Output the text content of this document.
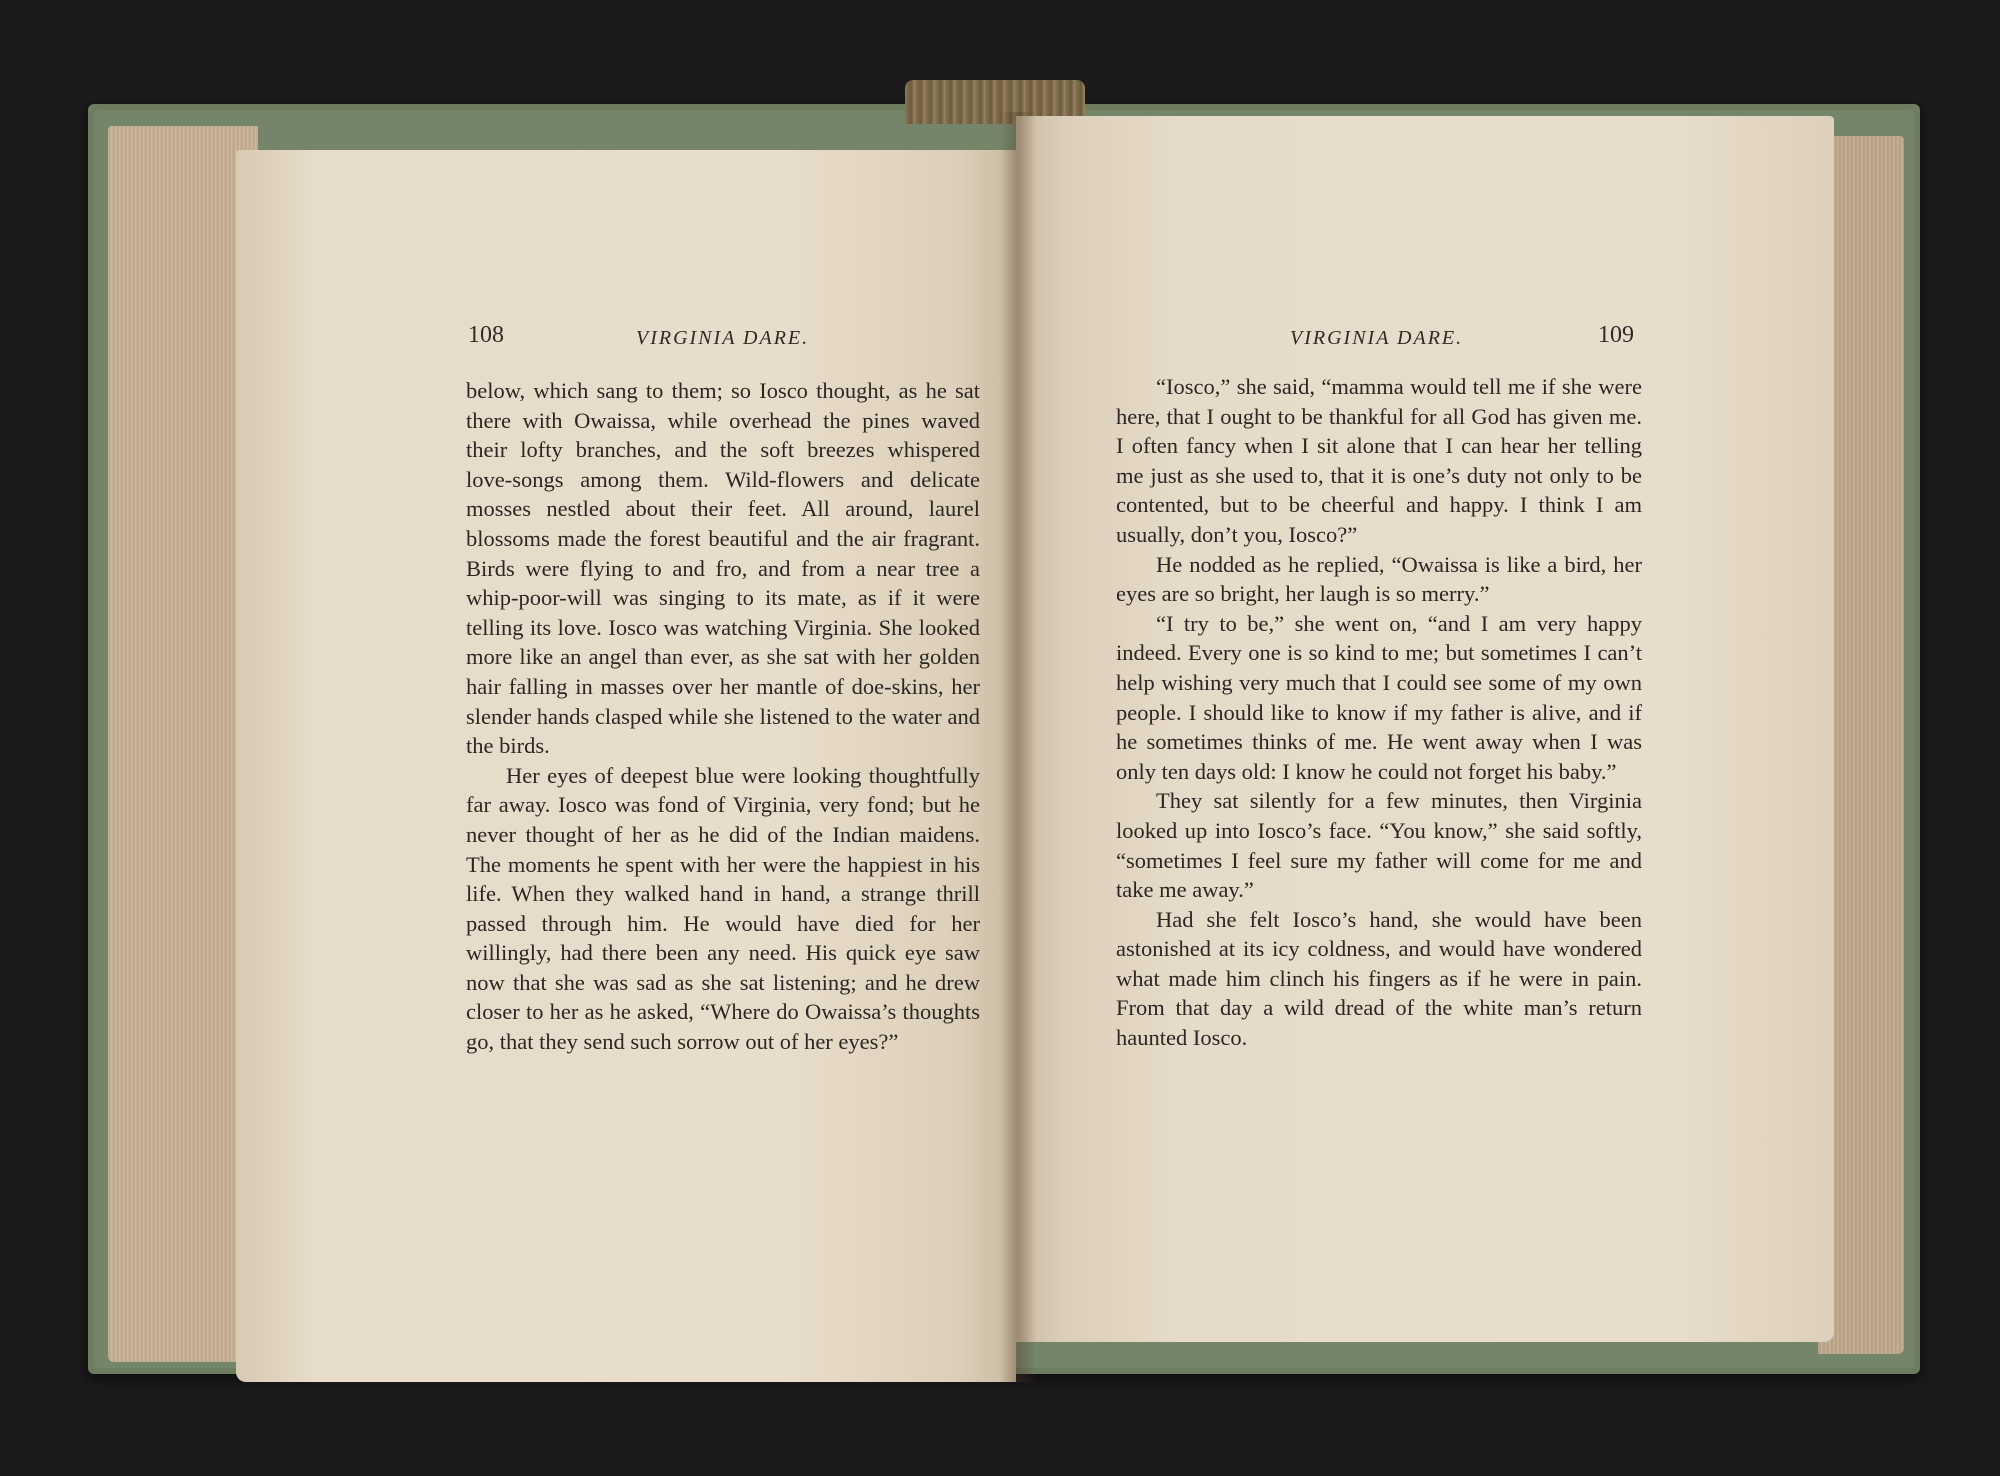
108	VIRGINIA DARE.	VIRGINIA DARE.	109

below, which sang to them; so Iosco thought, as he sat there with Owaissa, while overhead the pines waved their lofty branches, and the soft breezes whispered love-songs among them. Wild-flowers and delicate mosses nestled about their feet. All around, laurel blossoms made the forest beautiful and the air fragrant. Birds were flying to and fro, and from a near tree a whip-poor-will was singing to its mate, as if it were telling its love. Iosco was watching Virginia. She looked more like an angel than ever, as she sat with her golden hair falling in masses over her mantle of doe-skins, her slender hands clasped while she listened to the water and the birds.

Her eyes of deepest blue were looking thoughtfully far away. Iosco was fond of Virginia, very fond; but he never thought of her as he did of the Indian maidens. The moments he spent with her were the happiest in his life. When they walked hand in hand, a strange thrill passed through him. He would have died for her willingly, had there been any need. His quick eye saw now that she was sad as she sat listening; and he drew closer to her as he asked, “Where do Owaissa’s thoughts go, that they send such sorrow out of her eyes?”

“Iosco,” she said, “mamma would tell me if she were here, that I ought to be thankful for all God has given me. I often fancy when I sit alone that I can hear her telling me just as she used to, that it is one’s duty not only to be contented, but to be cheerful and happy. I think I am usually, don’t you, Iosco?”

He nodded as he replied, “Owaissa is like a bird, her eyes are so bright, her laugh is so merry.”

“I try to be,” she went on, “and I am very happy indeed. Every one is so kind to me; but sometimes I can’t help wishing very much that I could see some of my own people. I should like to know if my father is alive, and if he sometimes thinks of me. He went away when I was only ten days old: I know he could not forget his baby.”

They sat silently for a few minutes, then Virginia looked up into Iosco’s face. “You know,” she said softly, “sometimes I feel sure my father will come for me and take me away.”

Had she felt Iosco’s hand, she would have been astonished at its icy coldness, and would have wondered what made him clinch his fingers as if he were in pain. From that day a wild dread of the white man’s return haunted Iosco.
